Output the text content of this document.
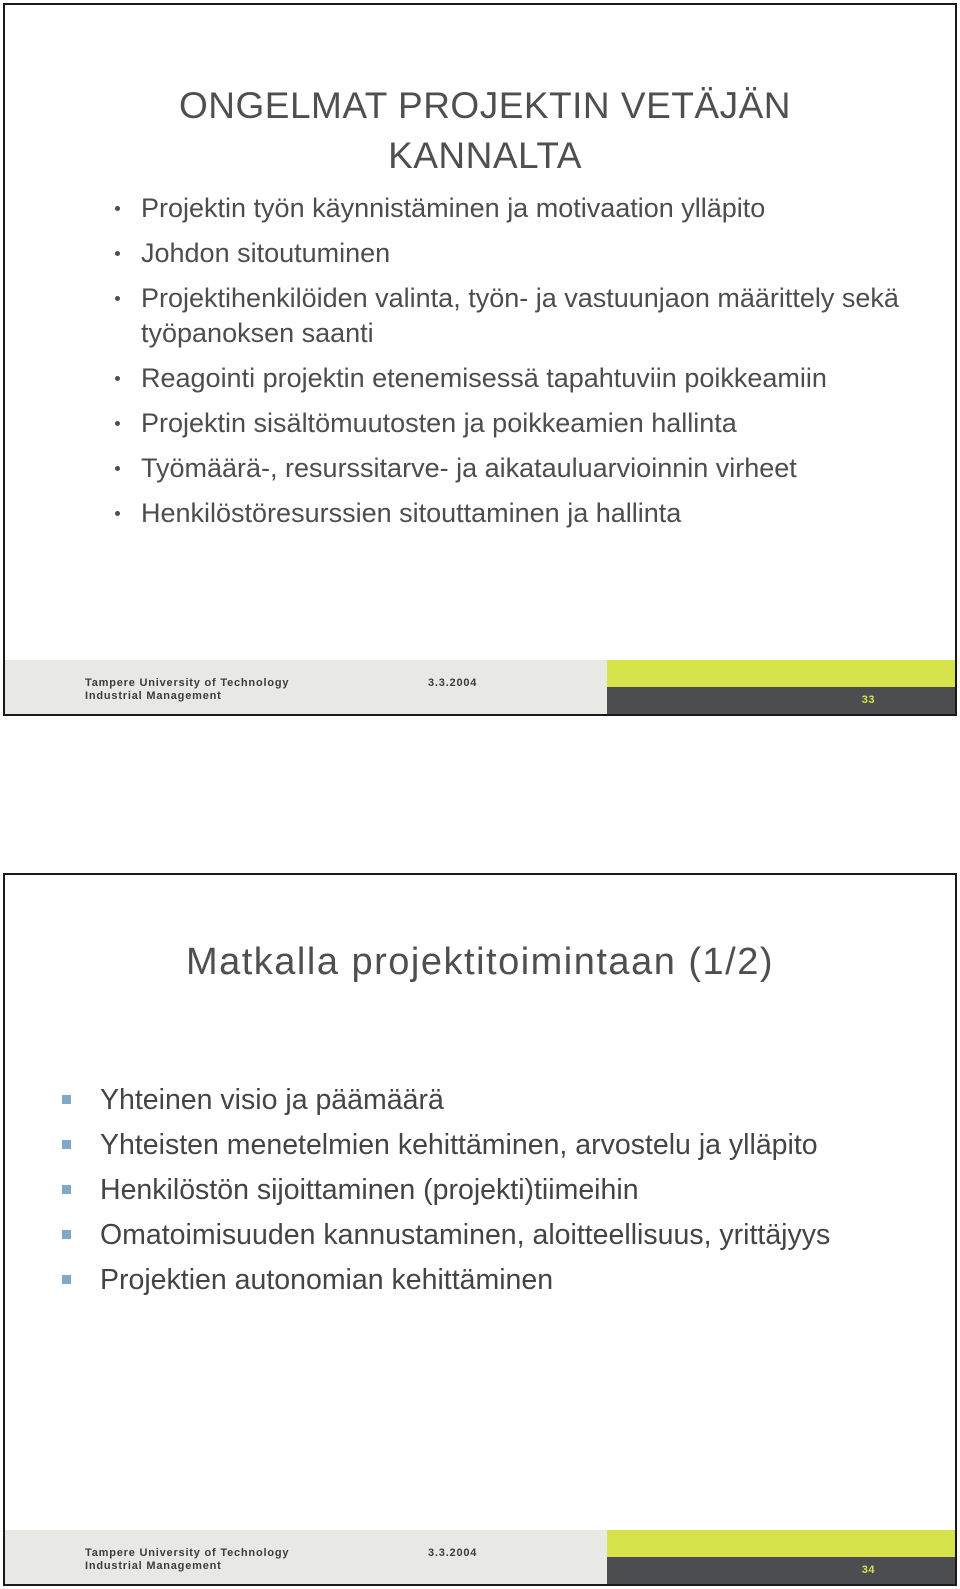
ONGELMAT PROJEKTIN VETÄJÄN KANNALTA
Projektin työn käynnistäminen ja motivaation ylläpito
Johdon sitoutuminen
Projektihenkilöiden valinta, työn- ja vastuunjaon määrittely sekä työpanoksen saanti
Reagointi projektin etenemisessä tapahtuviin poikkeamiin
Projektin sisältömuutosten ja poikkeamien hallinta
Työmäärä-, resurssitarve- ja aikatauluarvioinnin virheet
Henkilöstöresurssien sitouttaminen ja hallinta
Tampere University of Technology
Industrial Management
3.3.2004
33
Matkalla projektitoimintaan (1/2)
Yhteinen visio ja päämäärä
Yhteisten menetelmien kehittäminen, arvostelu ja ylläpito
Henkilöstön sijoittaminen (projekti)tiimeihin
Omatoimisuuden kannustaminen, aloitteellisuus, yrittäjyys
Projektien autonomian kehittäminen
Tampere University of Technology
Industrial Management
3.3.2004
34
